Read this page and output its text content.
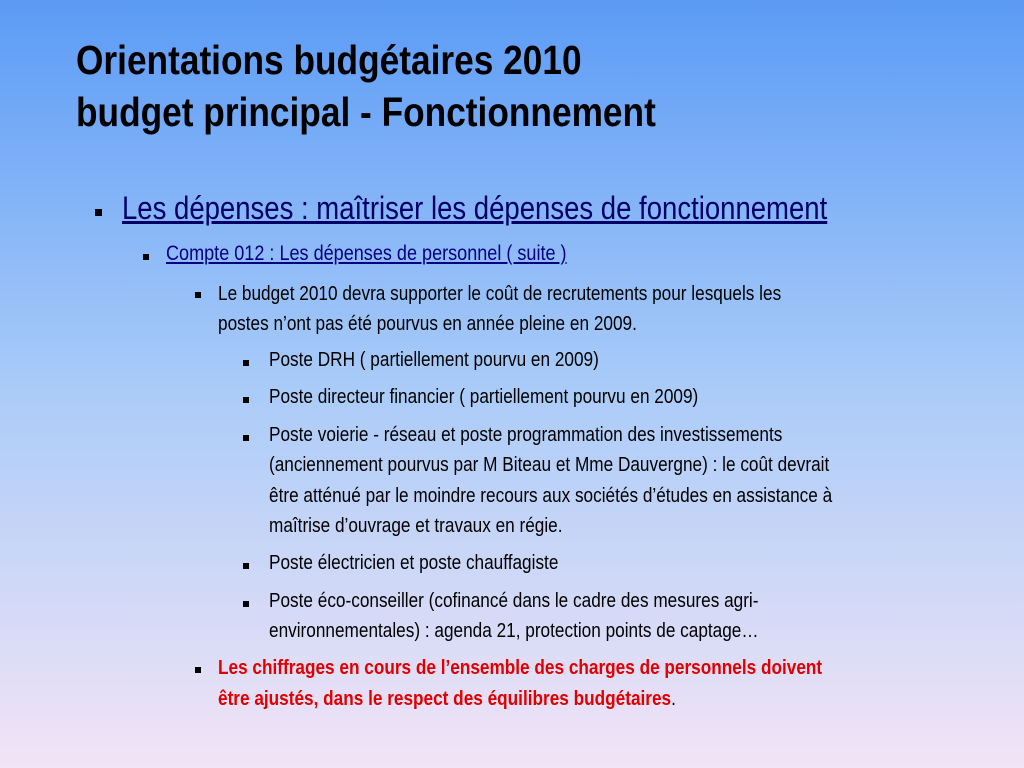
Orientations budgétaires 2010
budget principal - Fonctionnement
Les dépenses : maîtriser les dépenses de fonctionnement
Compte 012 : Les dépenses de personnel ( suite )
Le budget 2010 devra supporter le coût de recrutements pour lesquels les
postes n’ont pas été pourvus en année pleine en 2009.
Poste DRH ( partiellement pourvu en 2009)
Poste directeur financier ( partiellement pourvu en 2009)
Poste voierie - réseau et poste programmation des investissements
(anciennement pourvus par M Biteau et Mme Dauvergne) : le coût devrait
être atténué par le moindre recours aux sociétés d’études en assistance à
maîtrise d’ouvrage et travaux en régie.
Poste électricien et poste chauffagiste
Poste éco-conseiller (cofinancé dans le cadre des mesures agri-
environnementales) : agenda 21, protection points de captage…
Les chiffrages en cours de l’ensemble des charges de personnels doivent
être ajustés, dans le respect des équilibres budgétaires.
